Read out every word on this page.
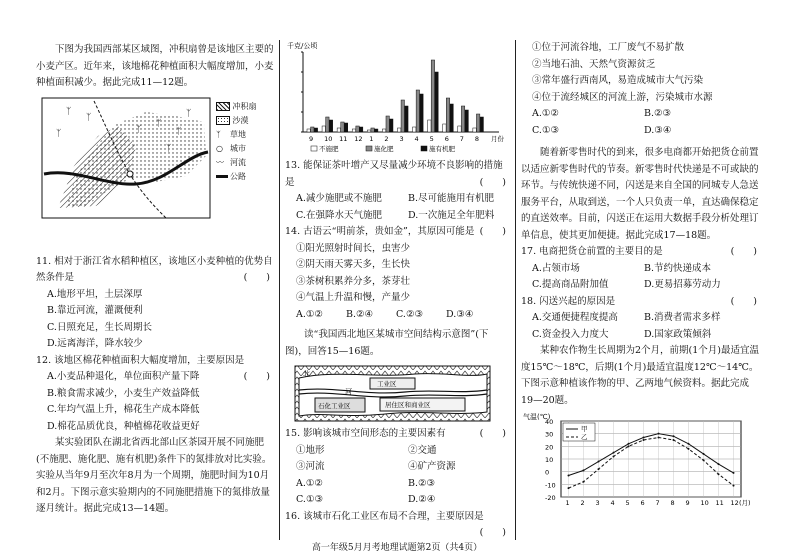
下图为我国西部某区域图，冲积扇曾是该地区主要的小麦产区。近年来，该地棉花种植面积大幅度增加，小麦种植面积减少。据此完成11—12题。

ᛉ
ᛉ
ᛉ
ᛉ
ᛉ
ᛉ
ᛉ
ᛉ
冲积扇
沙漠
ᛉ 草地
○ 城市
〰 河流
公路

11. 相对于浙江省水稻种植区，该地区小麦种植的优势自然条件是	(　　)

A.地形平坦，土层深厚

B.靠近河流，灌溉便利

C.日照充足，生长周期长

D.远离海洋，降水较少

12. 该地区棉花种植面积大幅度增加，主要原因是
(　　)

A.小麦品种退化，单位面积产量下降

B.粮食需求减少，小麦生产效益降低

C.年均气温上升，棉花生产成本降低

D.棉花品质优良，种植棉花收益更好

某实验团队在湖北省西北部山区茶园开展不同施肥(不施肥、施化肥、施有机肥)条件下的氮排放对比实验。实验从当年9月至次年8月为一个周期，施肥时间为10月和2月。下图示意实验期内的不同施肥措施下的氮排放量逐月统计。据此完成13—14题。

千克/公顷
9 10 11 12 1 2 3 4 5 6 7 8 月份
不施肥	施化肥	施有机肥

13. 能保证茶叶增产又尽量减少环境不良影响的措施是	(　　)

A.减少施肥或不施肥	B.尽可能施用有机肥

C.在强降水天气施肥	D.一次施足全年肥料

14. 古语云“明前茶，贵如金”，其原因可能是 (　　)

①阳光照射时间长，虫害少

②阴天雨天雾天多，生长快

③茶树积累养分多，茶芽壮

④气温上升温和慢，产量少

A.①②	B.②④	C.②③	D.③④

读“我国西北地区某城市空间结构示意图”(下图)，回答15—16题。

北
河
工业区
石化工业区	居住区和商业区

15. 影响该城市空间形态的主要因素有	(　　)

①地形	②交通

③河流	④矿产资源

A.①②	B.②③

C.①③	D.②④

16. 该城市石化工业区布局不合理，主要原因是
(　　)

①位于河流谷地，工厂废气不易扩散

②当地石油、天然气资源贫乏

③常年盛行西南风，易造成城市大气污染

④位于流经城区的河流上游，污染城市水源

A.①②	B.②③

C.①③	D.③④

随着新零售时代的到来，很多电商都开始把货仓前置以适应新零售时代的节奏。新零售时代快递是不可或缺的环节。与传统快递不同，闪送是来自全国的同城专人急送服务平台，从取到送，一个人只负责一单，直达确保稳定的直送效率。目前，闪送正在运用大数据手段分析处理订单信息，使其更加便捷。据此完成17—18题。

17. 电商把货仓前置的主要目的是	(　　)

A.占领市场	B.节约快递成本

C.提高商品附加值	D.更易招募劳动力

18. 闪送兴起的原因是	(　　)

A.交通便捷程度提高	B.消费者需求多样

C.资金投入力度大	D.国家政策倾斜

某种农作物生长周期为2个月，前期(1个月)最适宜温度15℃～18℃，后期(1个月)最适宜温度12℃～14℃。下图示意种植该作物的甲、乙两地气候资料。据此完成19—20题。

-20
-10
0
10
20
30
40
1 2 3 4 5 6 7 8 9 10 11 12 (月)
气温(℃)
甲
乙
高一年级5月月考地理试题第2页（共4页）
